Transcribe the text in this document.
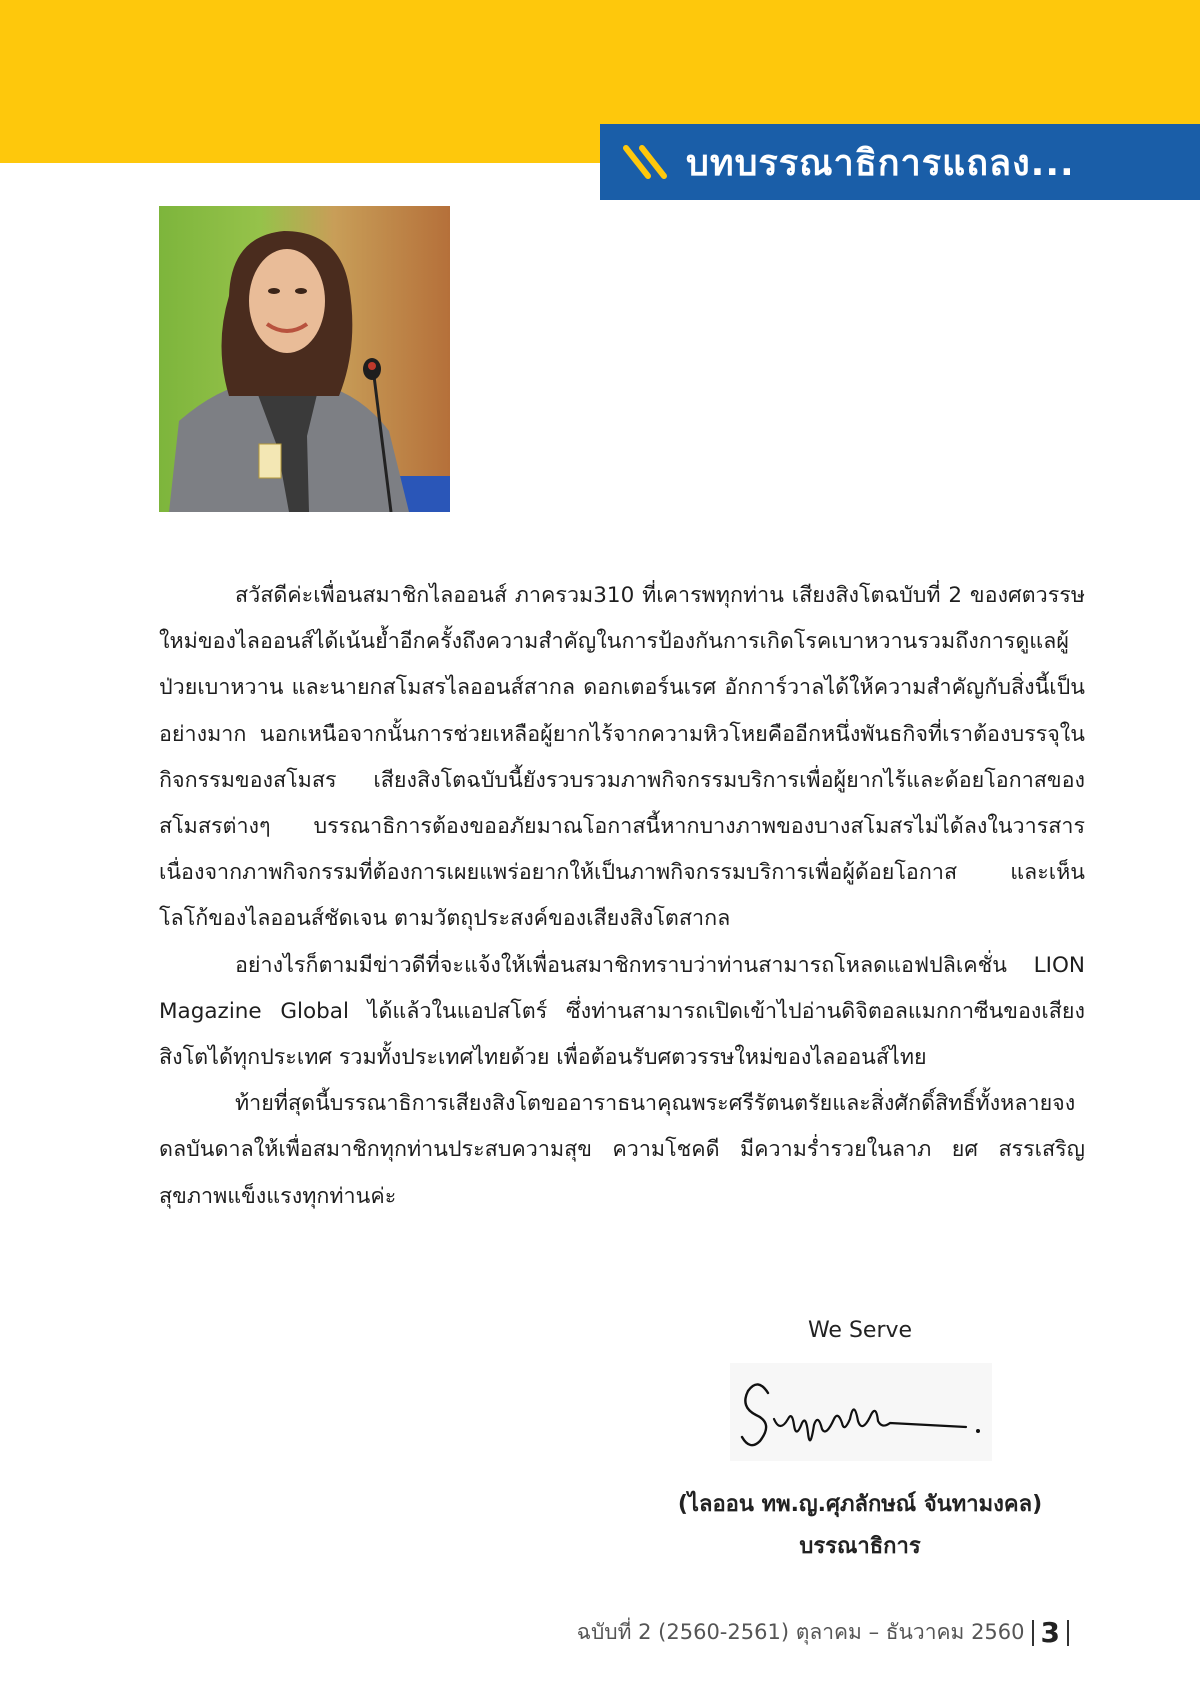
บทบรรณาธิการแถลง...

สวัสดีค่ะเพื่อนสมาชิกไลออนส์ ภาครวม310 ที่เคารพทุกท่าน เสียงสิงโตฉบับที่ 2 ของศตวรรษใหม่ของไลออนส์ได้เน้นย้ำอีกครั้งถึงความสำคัญในการป้องกันการเกิดโรคเบาหวานรวมถึงการดูแลผู้ป่วยเบาหวาน และนายกสโมสรไลออนส์สากล ดอกเตอร์นเรศ อักการ์วาลได้ให้ความสำคัญกับสิ่งนี้เป็นอย่างมาก นอกเหนือจากนั้นการช่วยเหลือผู้ยากไร้จากความหิวโหยคืออีกหนึ่งพันธกิจที่เราต้องบรรจุในกิจกรรมของสโมสร เสียงสิงโตฉบับนี้ยังรวบรวมภาพกิจกรรมบริการเพื่อผู้ยากไร้และด้อยโอกาสของสโมสรต่างๆ บรรณาธิการต้องขออภัยมาณโอกาสนี้หากบางภาพของบางสโมสรไม่ได้ลงในวารสาร เนื่องจากภาพกิจกรรมที่ต้องการเผยแพร่อยากให้เป็นภาพกิจกรรมบริการเพื่อผู้ด้อยโอกาส และเห็นโลโก้ของไลออนส์ชัดเจน ตามวัตถุประสงค์ของเสียงสิงโตสากล

อย่างไรก็ตามมีข่าวดีที่จะแจ้งให้เพื่อนสมาชิกทราบว่าท่านสามารถโหลดแอฟปลิเคชั่น LION Magazine Global ได้แล้วในแอปสโตร์ ซึ่งท่านสามารถเปิดเข้าไปอ่านดิจิตอลแมกกาซีนของเสียงสิงโตได้ทุกประเทศ รวมทั้งประเทศไทยด้วย เพื่อต้อนรับศตวรรษใหม่ของไลออนส์ไทย

ท้ายที่สุดนี้บรรณาธิการเสียงสิงโตขออาราธนาคุณพระศรีรัตนตรัยและสิ่งศักดิ์สิทธิ์ทั้งหลายจงดลบันดาลให้เพื่อสมาชิกทุกท่านประสบความสุข ความโชคดี มีความร่ำรวยในลาภ ยศ สรรเสริญสุขภาพแข็งแรงทุกท่านค่ะ

We Serve
(ไลออน ทพ.ญ.ศุภลักษณ์ จันทามงคล)
บรรณาธิการ
ฉบับที่ 2 (2560-2561) ตุลาคม – ธันวาคม 2560 3
